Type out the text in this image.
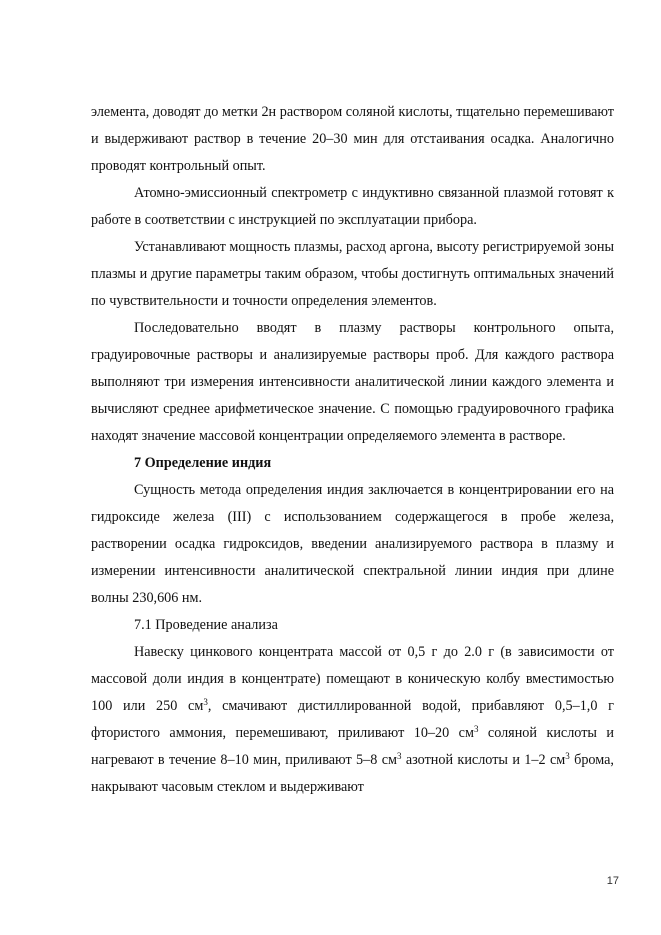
элемента, доводят до метки 2н раствором соляной кислоты, тщательно перемешивают и выдерживают раствор в течение 20–30 мин для отстаивания осадка. Аналогично проводят контрольный опыт.

Атомно-эмиссионный спектрометр с индуктивно связанной плазмой готовят к работе в соответствии с инструкцией по эксплуатации прибора.

Устанавливают мощность плазмы, расход аргона, высоту регистрируемой зоны плазмы и другие параметры таким образом, чтобы достигнуть оптимальных значений по чувствительности и точности определения элементов.

Последовательно вводят в плазму растворы контрольного опыта, градуировочные растворы и анализируемые растворы проб. Для каждого раствора выполняют три измерения интенсивности аналитической линии каждого элемента и вычисляют среднее арифметическое значение. С помощью градуировочного графика находят значение массовой концентрации определяемого элемента в растворе.

7 Определение индия

Сущность метода определения индия заключается в концентрировании его на гидроксиде железа (III) с использованием содержащегося в пробе железа, растворении осадка гидроксидов, введении анализируемого раствора в плазму и измерении интенсивности аналитической спектральной линии индия при длине волны 230,606 нм.

7.1 Проведение анализа

Навеску цинкового концентрата массой от 0,5 г до 2.0 г (в зависимости от массовой доли индия в концентрате) помещают в коническую колбу вместимостью 100 или 250 $см^3$, смачивают дистиллированной водой, прибавляют 0,5–1,0 г фтористого аммония, перемешивают, приливают 10–20 $см^3$ соляной кислоты и нагревают в течение 8–10 мин, приливают 5–8 $см^3$ азотной кислоты и 1–2 $см^3$ брома, накрывают часовым стеклом и выдерживают

17
